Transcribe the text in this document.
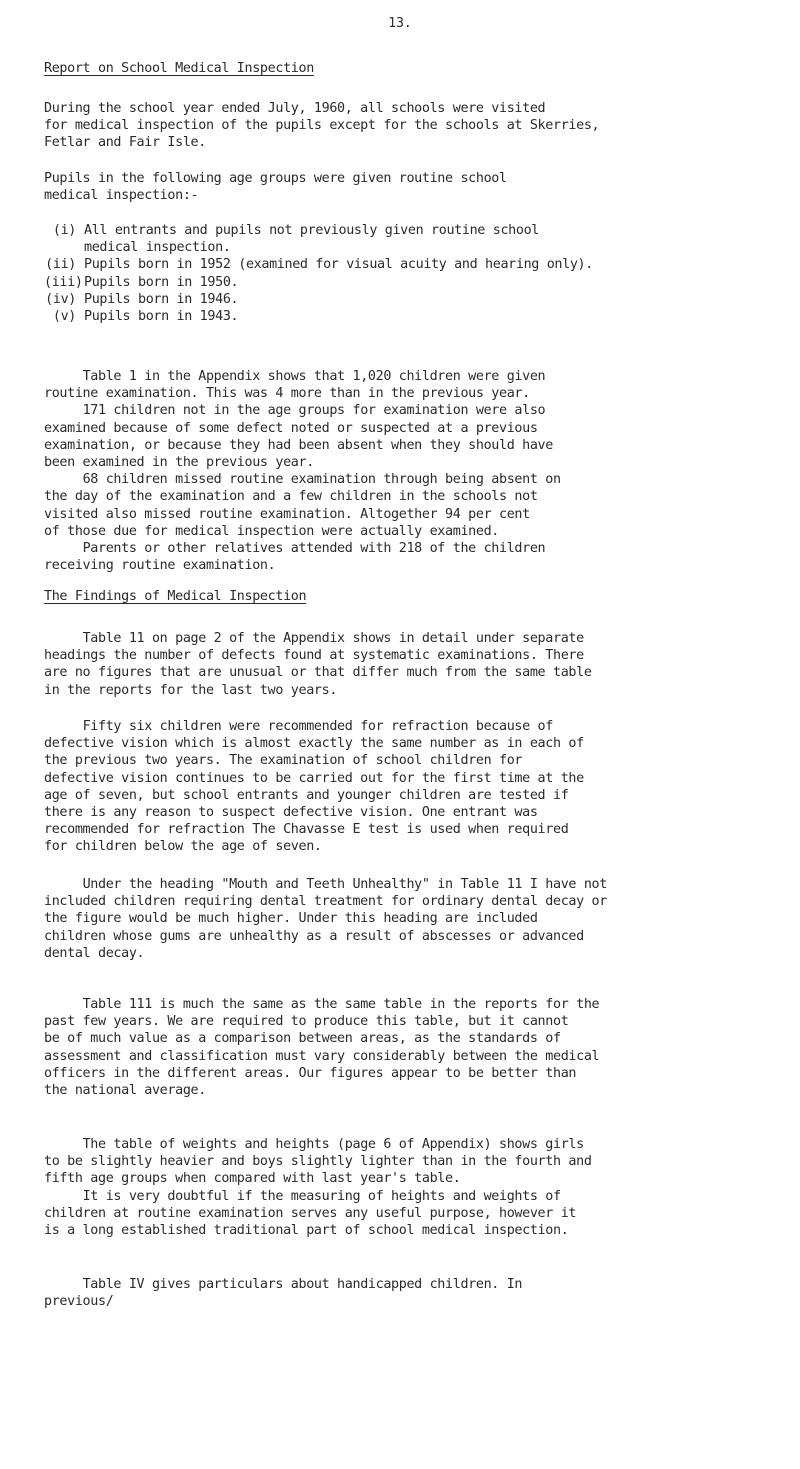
13.
Report on School Medical Inspection
During the school year ended July, 1960, all schools were visited
for medical inspection of the pupils except for the schools at Skerries,
Fetlar and Fair Isle.
Pupils in the following age groups were given routine school
medical inspection:-
(i) All entrants and pupils not previously given routine school
medical inspection.
(ii) Pupils born in 1952 (examined for visual acuity and hearing only).
(iii) Pupils born in 1950.
(iv) Pupils born in 1946.
(v) Pupils born in 1943.
Table 1 in the Appendix shows that 1,020 children were given
routine examination. This was 4 more than in the previous year.
171 children not in the age groups for examination were also
examined because of some defect noted or suspected at a previous
examination, or because they had been absent when they should have
been examined in the previous year.
68 children missed routine examination through being absent on
the day of the examination and a few children in the schools not
visited also missed routine examination. Altogether 94 per cent
of those due for medical inspection were actually examined.
Parents or other relatives attended with 218 of the children
receiving routine examination.
The Findings of Medical Inspection
Table 11 on page 2 of the Appendix shows in detail under separate
headings the number of defects found at systematic examinations. There
are no figures that are unusual or that differ much from the same table
in the reports for the last two years.
Fifty six children were recommended for refraction because of
defective vision which is almost exactly the same number as in each of
the previous two years. The examination of school children for
defective vision continues to be carried out for the first time at the
age of seven, but school entrants and younger children are tested if
there is any reason to suspect defective vision. One entrant was
recommended for refraction The Chavasse E test is used when required
for children below the age of seven.
Under the heading "Mouth and Teeth Unhealthy" in Table 11 I have not
included children requiring dental treatment for ordinary dental decay or
the figure would be much higher. Under this heading are included
children whose gums are unhealthy as a result of abscesses or advanced
dental decay.
Table 111 is much the same as the same table in the reports for the
past few years. We are required to produce this table, but it cannot
be of much value as a comparison between areas, as the standards of
assessment and classification must vary considerably between the medical
officers in the different areas. Our figures appear to be better than
the national average.
The table of weights and heights (page 6 of Appendix) shows girls
to be slightly heavier and boys slightly lighter than in the fourth and
fifth age groups when compared with last year's table.
It is very doubtful if the measuring of heights and weights of
children at routine examination serves any useful purpose, however it
is a long established traditional part of school medical inspection.
Table IV gives particulars about handicapped children. In
previous/
